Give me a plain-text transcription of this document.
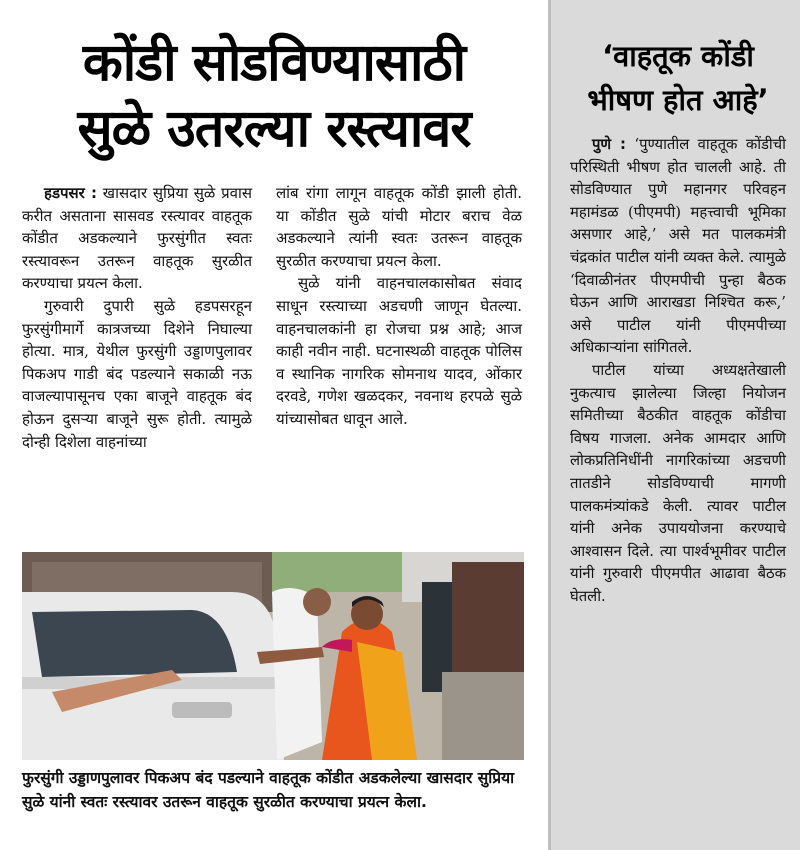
कोंडी सोडविण्यासाठी
सुळे उतरल्या रस्त्यावर

हडपसर : खासदार सुप्रिया सुळे प्रवास करीत असताना सासवड रस्त्यावर वाहतूक कोंडीत अडकल्याने फुरसुंगीत स्वतः रस्त्यावरून उतरून वाहतूक सुरळीत करण्याचा प्रयत्न केला.

गुरुवारी दुपारी सुळे हडपसरहून फुरसुंगीमार्गे कात्रजच्या दिशेने निघाल्या होत्या. मात्र, येथील फुरसुंगी उड्डाणपुलावर पिकअप गाडी बंद पडल्याने सकाळी नऊ वाजल्यापासूनच एका बाजूने वाहतूक बंद होऊन दुसऱ्या बाजूने सुरू होती. त्यामुळे दोन्ही दिशेला वाहनांच्या

लांब रांगा लागून वाहतूक कोंडी झाली होती. या कोंडीत सुळे यांची मोटार बराच वेळ अडकल्याने त्यांनी स्वतः उतरून वाहतूक सुरळीत करण्याचा प्रयत्न केला.

सुळे यांनी वाहनचालकासोबत संवाद साधून रस्त्याच्या अडचणी जाणून घेतल्या. वाहनचालकांनी हा रोजचा प्रश्न आहे; आज काही नवीन नाही. घटनास्थळी वाहतूक पोलिस व स्थानिक नागरिक सोमनाथ यादव, ओंकार दरवडे, गणेश खळदकर, नवनाथ हरपळे सुळे यांच्यासोबत धावून आले.

फुरसुंगी उड्डाणपुलावर पिकअप बंद पडल्याने वाहतूक कोंडीत अडकलेल्या खासदार सुप्रिया सुळे यांनी स्वतः रस्त्यावर उतरून वाहतूक सुरळीत करण्याचा प्रयत्न केला.
‘वाहतूक कोंडी
भीषण होत आहे’

पुणे : ‘पुण्यातील वाहतूक कोंडीची परिस्थिती भीषण होत चालली आहे. ती सोडविण्यात पुणे महानगर परिवहन महामंडळ (पीएमपी) महत्त्वाची भूमिका असणार आहे,’ असे मत पालकमंत्री चंद्रकांत पाटील यांनी व्यक्त केले. त्यामुळे ‘दिवाळीनंतर पीएमपीची पुन्हा बैठक घेऊन आणि आराखडा निश्चित करू,’ असे पाटील यांनी पीएमपीच्या अधिकाऱ्यांना सांगितले.

पाटील यांच्या अध्यक्षतेखाली नुकत्याच झालेल्या जिल्हा नियोजन समितीच्या बैठकीत वाहतूक कोंडीचा विषय गाजला. अनेक आमदार आणि लोकप्रतिनिधींनी नागरिकांच्या अडचणी तातडीने सोडविण्याची मागणी पालकमंत्र्यांकडे केली. त्यावर पाटील यांनी अनेक उपाययोजना करण्याचे आश्वासन दिले. त्या पार्श्वभूमीवर पाटील यांनी गुरुवारी पीएमपीत आढावा बैठक घेतली.
